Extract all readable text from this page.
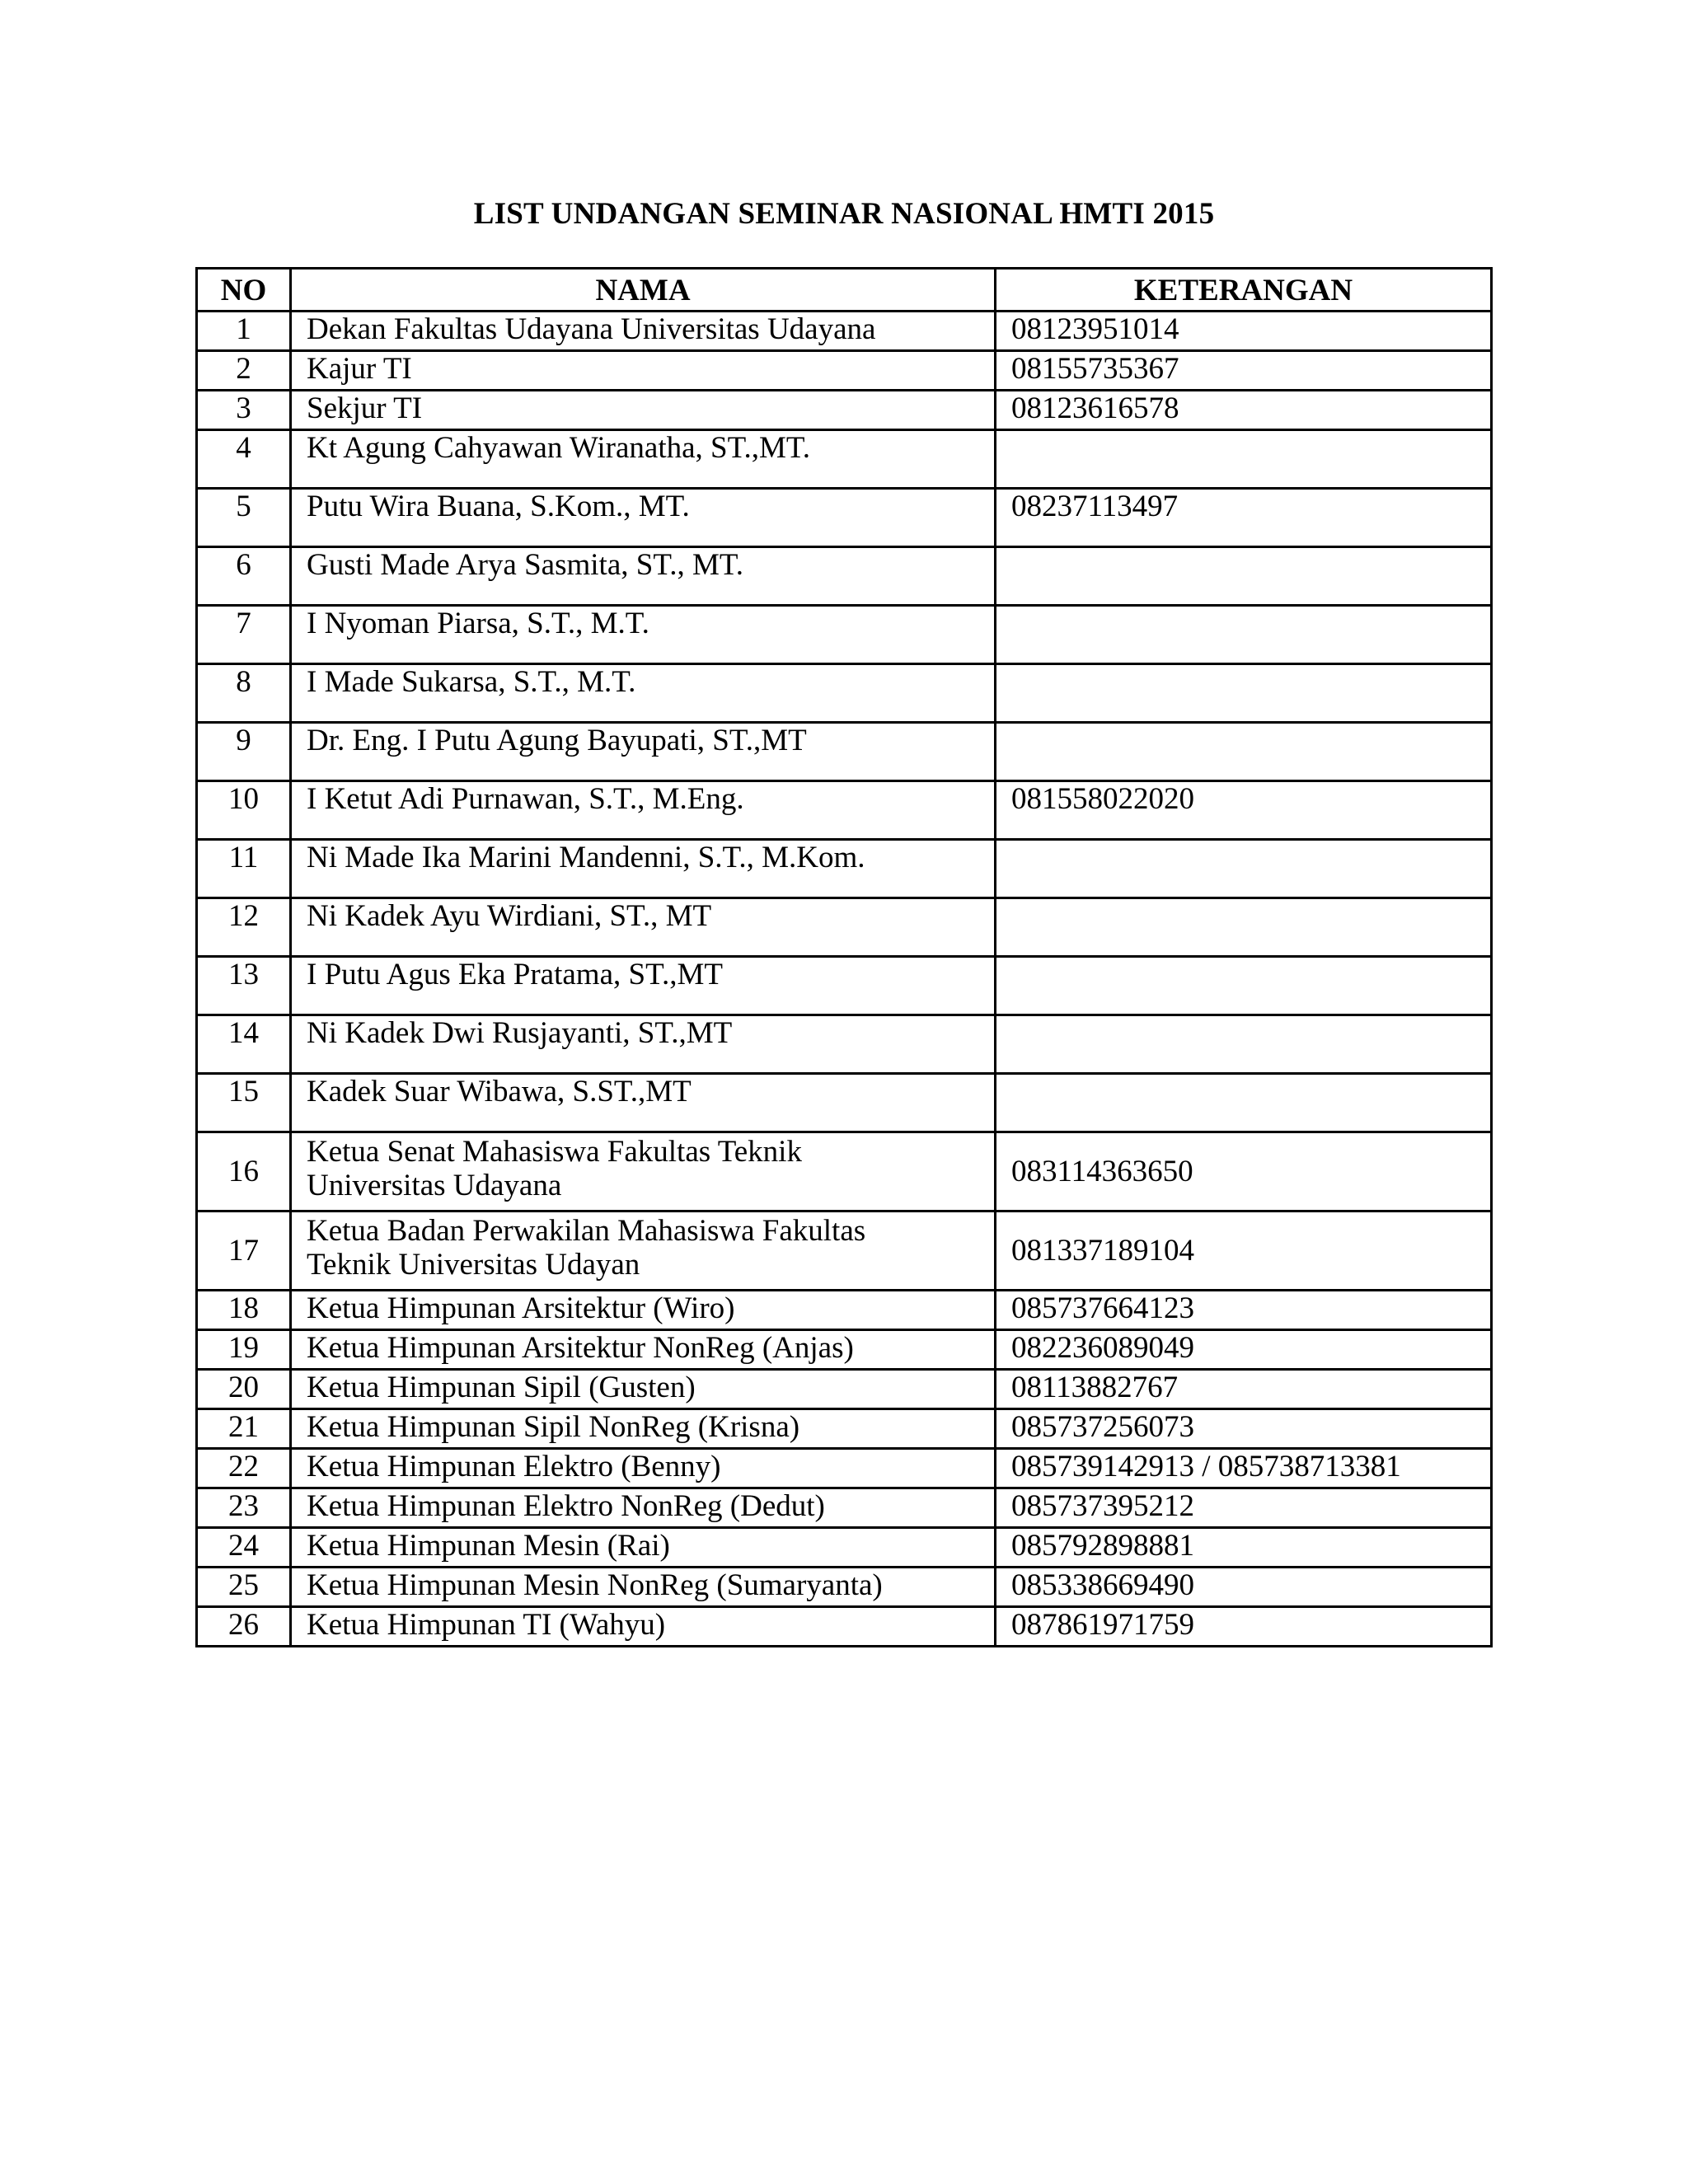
LIST UNDANGAN SEMINAR NASIONAL HMTI 2015
NO	NAMA	KETERANGAN
1	Dekan Fakultas Udayana Universitas Udayana	08123951014
2	Kajur TI	08155735367
3	Sekjur TI	08123616578
4	Kt Agung Cahyawan Wiranatha, ST.,MT.	
5	Putu Wira Buana, S.Kom., MT.	08237113497
6	Gusti Made Arya Sasmita, ST., MT.	
7	I Nyoman Piarsa, S.T., M.T.	
8	I Made Sukarsa, S.T., M.T.	
9	Dr. Eng. I Putu Agung Bayupati, ST.,MT	
10	I Ketut Adi Purnawan, S.T., M.Eng.	081558022020
11	Ni Made Ika Marini Mandenni, S.T., M.Kom.	
12	Ni Kadek Ayu Wirdiani, ST., MT	
13	I Putu Agus Eka Pratama, ST.,MT	
14	Ni Kadek Dwi Rusjayanti, ST.,MT	
15	Kadek Suar Wibawa, S.ST.,MT	
16	Ketua Senat Mahasiswa Fakultas Teknik
Universitas Udayana	083114363650
17	Ketua Badan Perwakilan Mahasiswa Fakultas
Teknik Universitas Udayan	081337189104
18	Ketua Himpunan Arsitektur (Wiro)	085737664123
19	Ketua Himpunan Arsitektur NonReg (Anjas)	082236089049
20	Ketua Himpunan Sipil (Gusten)	08113882767
21	Ketua Himpunan Sipil NonReg (Krisna)	085737256073
22	Ketua Himpunan Elektro (Benny)	085739142913 / 085738713381
23	Ketua Himpunan Elektro NonReg (Dedut)	085737395212
24	Ketua Himpunan Mesin (Rai)	085792898881
25	Ketua Himpunan Mesin NonReg (Sumaryanta)	085338669490
26	Ketua Himpunan TI (Wahyu)	087861971759
